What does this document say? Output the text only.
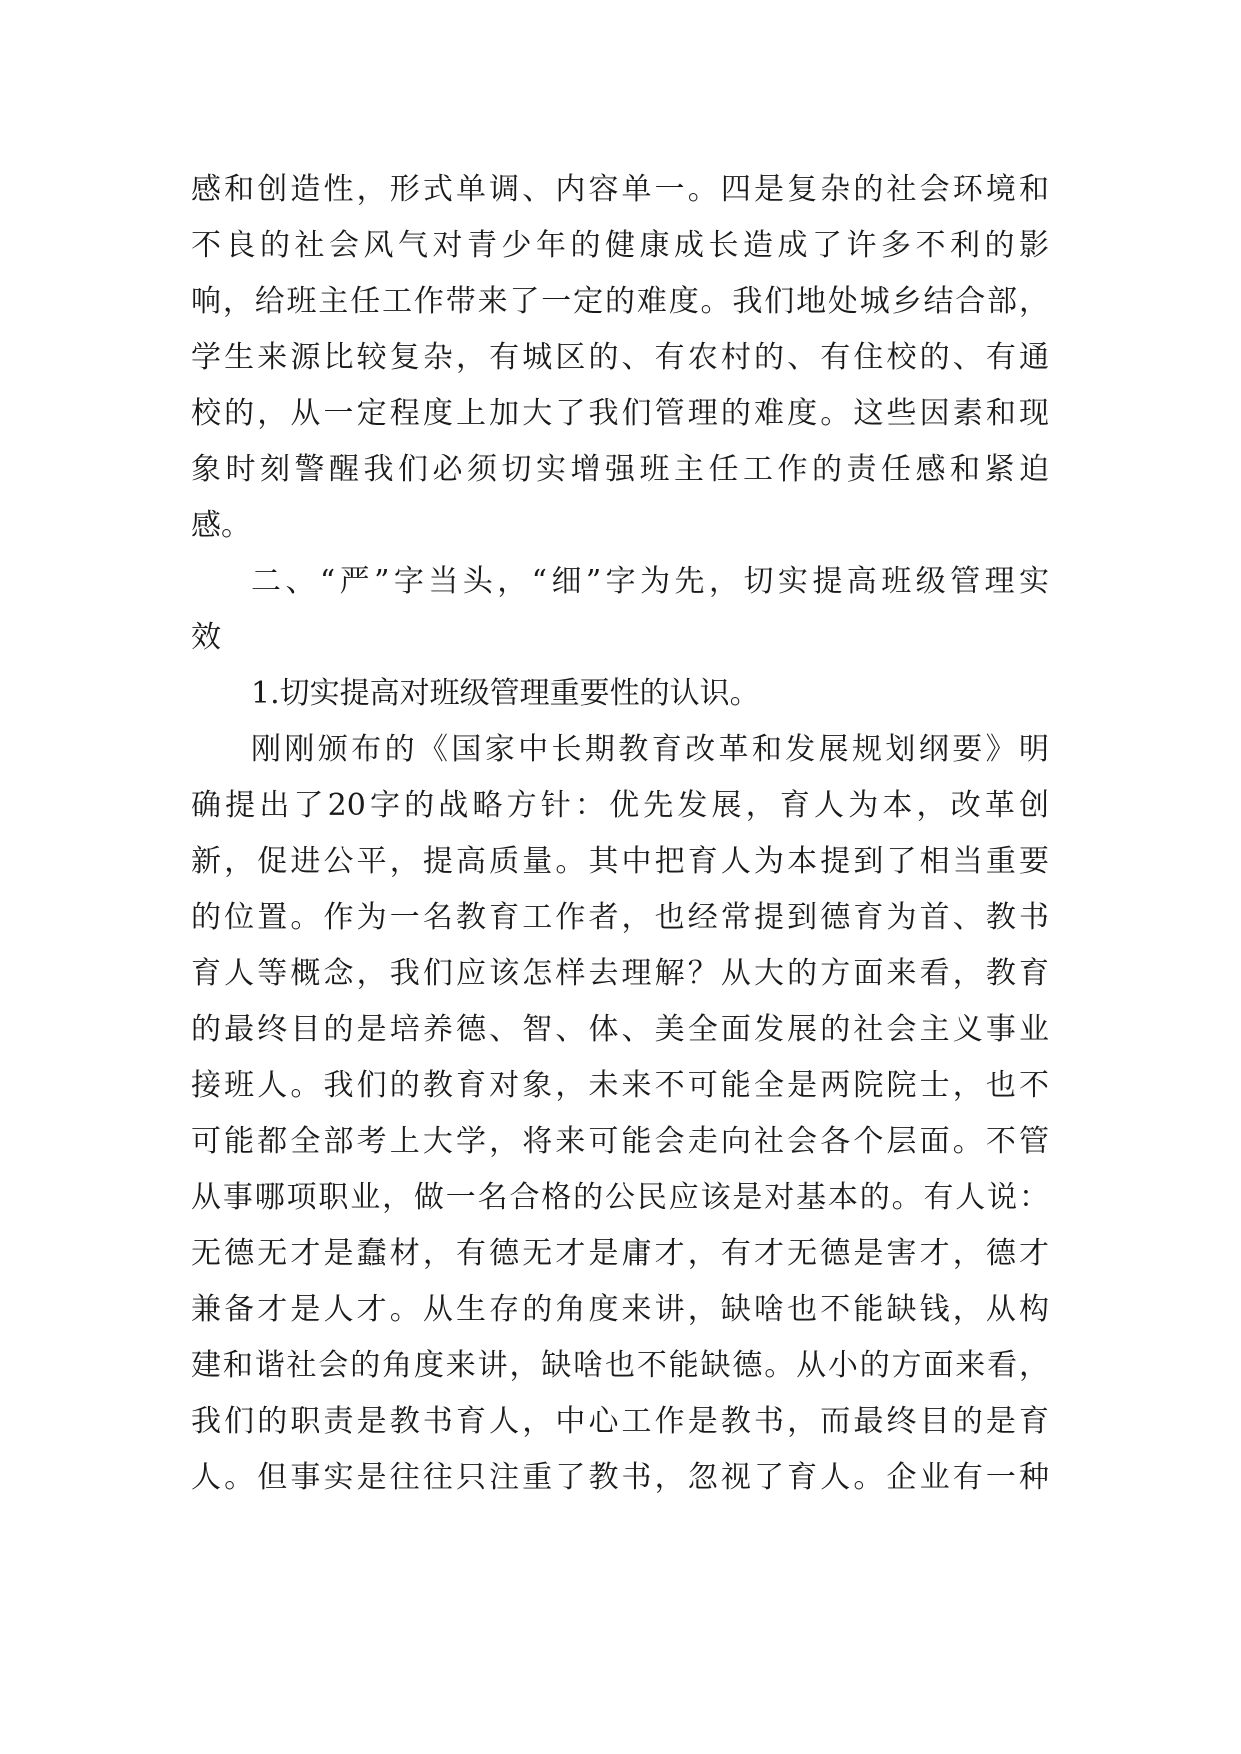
感和创造性，形式单调、内容单一。四是复杂的社会环境和
不良的社会风气对青少年的健康成长造成了许多不利的影
响，给班主任工作带来了一定的难度。我们地处城乡结合部，
学生来源比较复杂，有城区的、有农村的、有住校的、有通
校的，从一定程度上加大了我们管理的难度。这些因素和现
象时刻警醒我们必须切实增强班主任工作的责任感和紧迫
感。
二、“严”字当头，“细”字为先，切实提高班级管理实
效
1.切实提高对班级管理重要性的认识。
刚刚颁布的《国家中长期教育改革和发展规划纲要》明
确提出了20字的战略方针：优先发展，育人为本，改革创
新，促进公平，提高质量。其中把育人为本提到了相当重要
的位置。作为一名教育工作者，也经常提到德育为首、教书
育人等概念，我们应该怎样去理解？从大的方面来看，教育
的最终目的是培养德、智、体、美全面发展的社会主义事业
接班人。我们的教育对象，未来不可能全是两院院士，也不
可能都全部考上大学，将来可能会走向社会各个层面。不管
从事哪项职业，做一名合格的公民应该是对基本的。有人说：
无德无才是蠢材，有德无才是庸才，有才无德是害才，德才
兼备才是人才。从生存的角度来讲，缺啥也不能缺钱，从构
建和谐社会的角度来讲，缺啥也不能缺德。从小的方面来看，
我们的职责是教书育人，中心工作是教书，而最终目的是育
人。但事实是往往只注重了教书，忽视了育人。企业有一种
